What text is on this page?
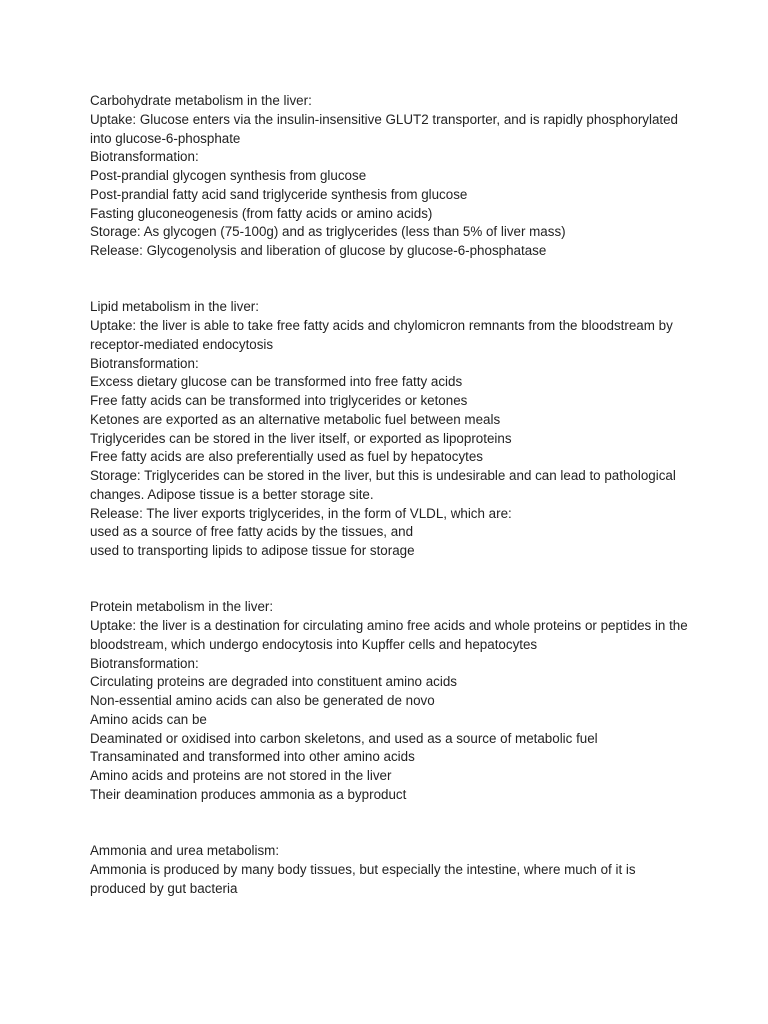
Carbohydrate metabolism in the liver:
Uptake: Glucose enters via the insulin-insensitive GLUT2 transporter, and is rapidly phosphorylated into glucose-6-phosphate
Biotransformation:
Post-prandial glycogen synthesis from glucose
Post-prandial fatty acid sand triglyceride synthesis from glucose
Fasting gluconeogenesis (from fatty acids or amino acids)
Storage: As glycogen (75-100g) and as triglycerides (less than 5% of liver mass)
Release: Glycogenolysis and liberation of glucose by glucose-6-phosphatase
Lipid metabolism in the liver:
Uptake: the liver is able to take free fatty acids and chylomicron remnants from the bloodstream by receptor-mediated endocytosis
Biotransformation:
Excess dietary glucose can be transformed into free fatty acids
Free fatty acids can be transformed into triglycerides or ketones
Ketones are exported as an alternative metabolic fuel between meals
Triglycerides can be stored in the liver itself, or exported as lipoproteins
Free fatty acids are also preferentially used as fuel by hepatocytes
Storage: Triglycerides can be stored in the liver, but this is undesirable and can lead to pathological changes. Adipose tissue is a better storage site.
Release: The liver exports triglycerides, in the form of VLDL, which are:
used as a source of free fatty acids by the tissues, and
used to transporting lipids to adipose tissue for storage
Protein metabolism in the liver:
Uptake: the liver is a destination for circulating amino free acids and whole proteins or peptides in the bloodstream, which undergo endocytosis into Kupffer cells and hepatocytes
Biotransformation:
Circulating proteins are degraded into constituent amino acids
Non-essential amino acids can also be generated de novo
Amino acids can be
Deaminated or oxidised into carbon skeletons, and used as a source of metabolic fuel
Transaminated and transformed into other amino acids
Amino acids and proteins are not stored in the liver
Their deamination produces ammonia as a byproduct
Ammonia and urea metabolism:
Ammonia is produced by many body tissues, but especially the intestine, where much of it is produced by gut bacteria
